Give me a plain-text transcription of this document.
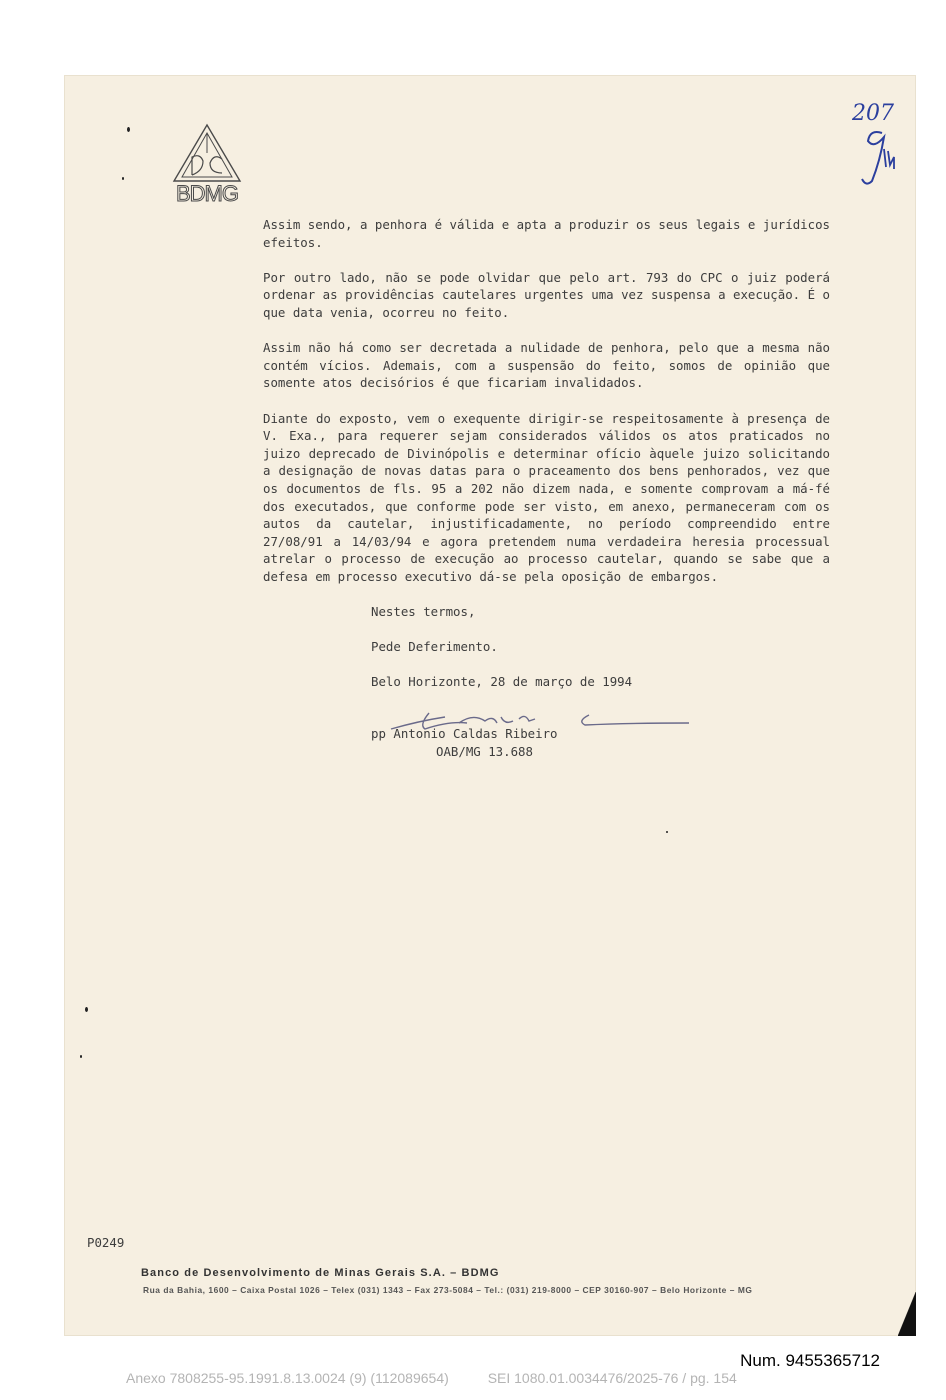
BDMG
207

Assim sendo, a penhora é válida e apta a produzir os seus legais e jurídicos efeitos.

Por outro lado, não se pode olvidar que pelo art. 793 do CPC o juiz poderá ordenar as providências cautelares urgentes uma vez suspensa a execução. É o que data venia, ocorreu no feito.

Assim não há como ser decretada a nulidade de penhora, pelo que a mesma não contém vícios. Ademais, com a suspensão do feito, somos de opinião que somente atos decisórios é que ficariam invalidados.

Diante do exposto, vem o exequente dirigir-se respeitosamente à presença de V. Exa., para requerer sejam considerados válidos os atos praticados no juizo deprecado de Divinópolis e determinar ofício àquele juizo solicitando a designação de novas datas para o praceamento dos bens penhorados, vez que os documentos de fls. 95 a 202 não dizem nada, e somente comprovam a má-fé dos executados, que conforme pode ser visto, em anexo, permaneceram com os autos da cautelar, injustificadamente, no período compreendido entre 27/08/91 a 14/03/94 e agora pretendem numa verdadeira heresia processual atrelar o processo de execução ao processo cautelar, quando se sabe que a defesa em processo executivo dá-se pela oposição de embargos.

Nestes termos,
Pede Deferimento.
Belo Horizonte, 28 de março de 1994
pp Antonio Caldas Ribeiro
OAB/MG 13.688
P0249
Banco de Desenvolvimento de Minas Gerais S.A. – BDMG
Rua da Bahia, 1600 – Caixa Postal 1026 – Telex (031) 1343 – Fax 273-5084 – Tel.: (031) 219-8000 – CEP 30160-907 – Belo Horizonte – MG
Num. 9455365712
Anexo 7808255-95.1991.8.13.0024 (9) (112089654)	SEI 1080.01.0034476/2025-76 / pg. 154
